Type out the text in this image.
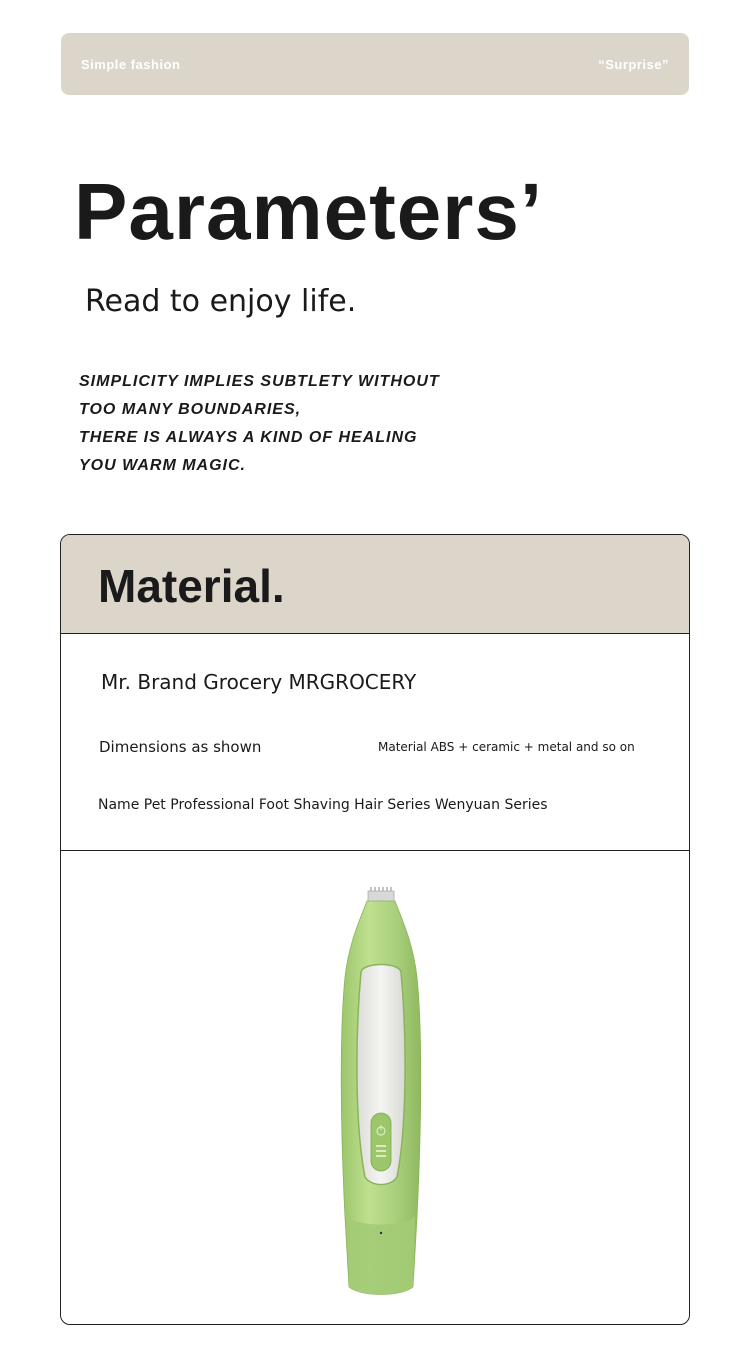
Simple fashion	“Surprise”
Parameters’
Read to enjoy life.
SIMPLICITY IMPLIES SUBTLETY WITHOUT
TOO MANY BOUNDARIES,
THERE IS ALWAYS A KIND OF HEALING
YOU WARM MAGIC.
Material.
Mr. Brand Grocery MRGROCERY
Dimensions as shown	Material ABS + ceramic + metal and so on
Name Pet Professional Foot Shaving Hair Series Wenyuan Series
